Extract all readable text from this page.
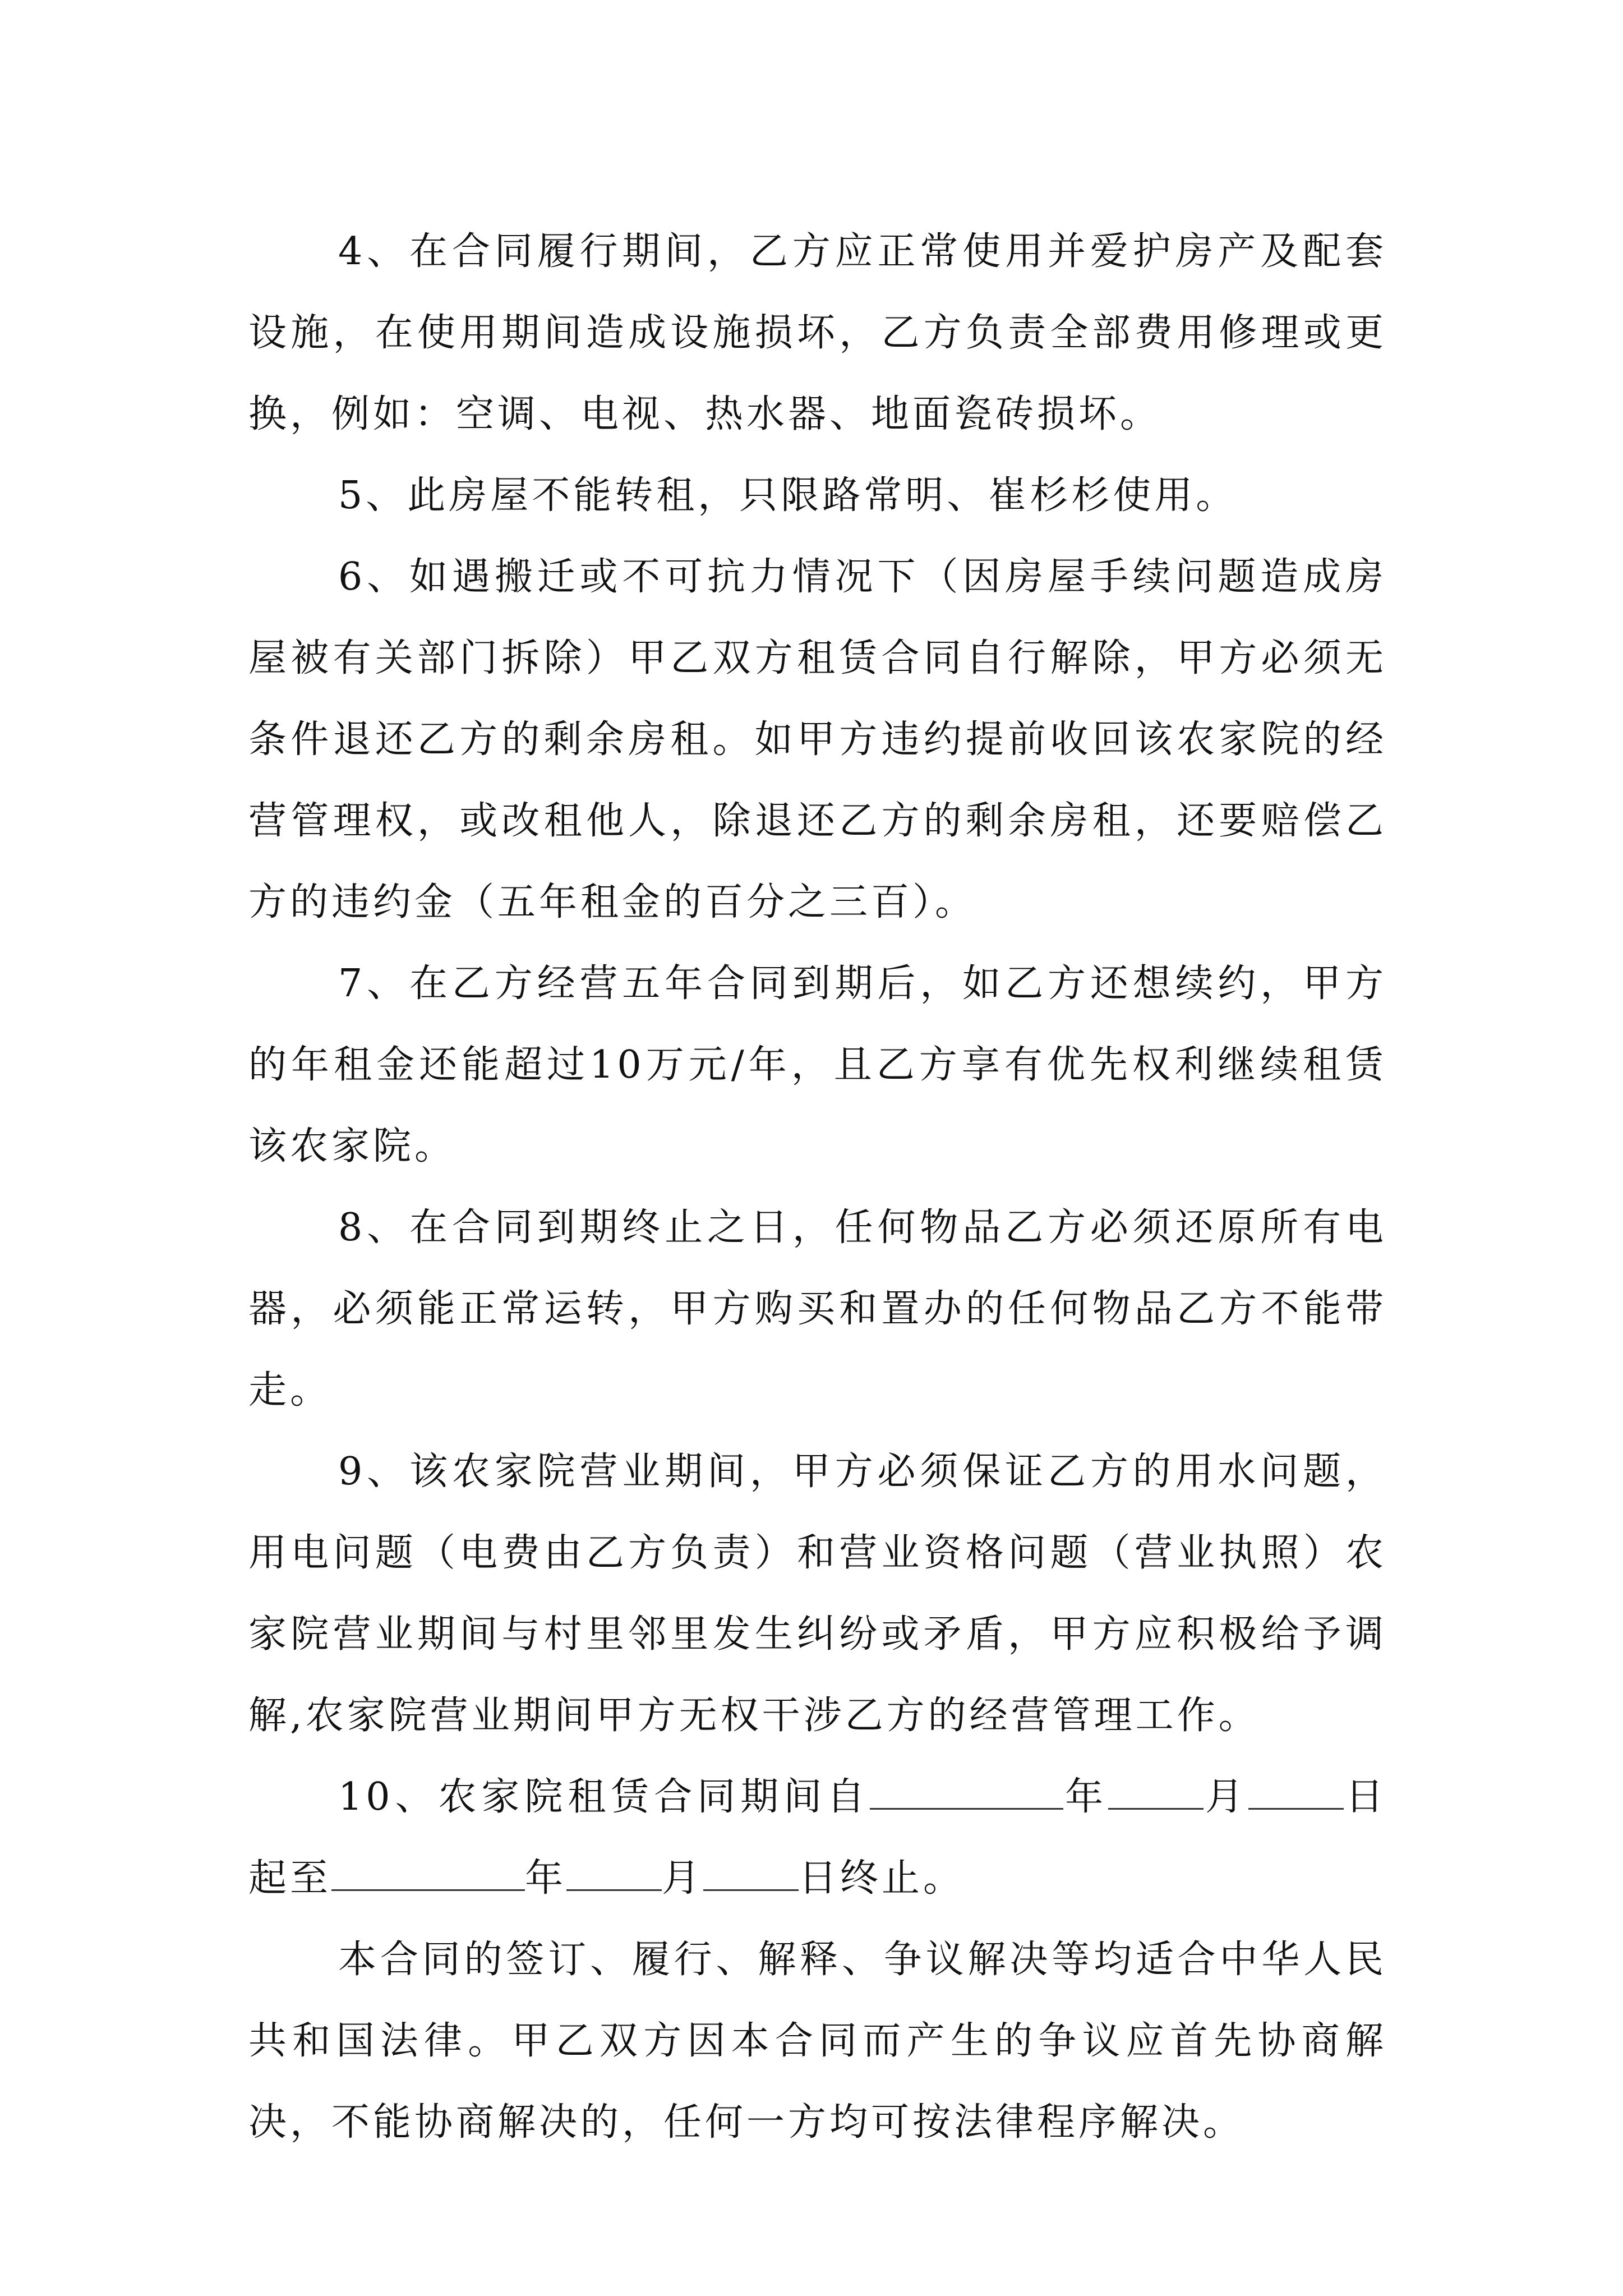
4、在合同履行期间，乙方应正常使用并爱护房产及配套设施，在使用期间造成设施损坏，乙方负责全部费用修理或更换，例如：空调、电视、热水器、地面瓷砖损坏。

5、此房屋不能转租，只限路常明、崔杉杉使用。

6、如遇搬迁或不可抗力情况下（因房屋手续问题造成房屋被有关部门拆除）甲乙双方租赁合同自行解除，甲方必须无条件退还乙方的剩余房租。如甲方违约提前收回该农家院的经营管理权，或改租他人，除退还乙方的剩余房租，还要赔偿乙方的违约金（五年租金的百分之三百）。

7、在乙方经营五年合同到期后，如乙方还想续约，甲方的年租金还能超过10万元/年，且乙方享有优先权利继续租赁该农家院。

8、在合同到期终止之日，任何物品乙方必须还原所有电器，必须能正常运转，甲方购买和置办的任何物品乙方不能带走。

9、该农家院营业期间，甲方必须保证乙方的用水问题，用电问题（电费由乙方负责）和营业资格问题（营业执照）农家院营业期间与村里邻里发生纠纷或矛盾，甲方应积极给予调解,农家院营业期间甲方无权干涉乙方的经营管理工作。

10、农家院租赁合同期间自	年	月	日起至	年	月	日终止。

本合同的签订、履行、解释、争议解决等均适合中华人民共和国法律。甲乙双方因本合同而产生的争议应首先协商解决，不能协商解决的，任何一方均可按法律程序解决。
